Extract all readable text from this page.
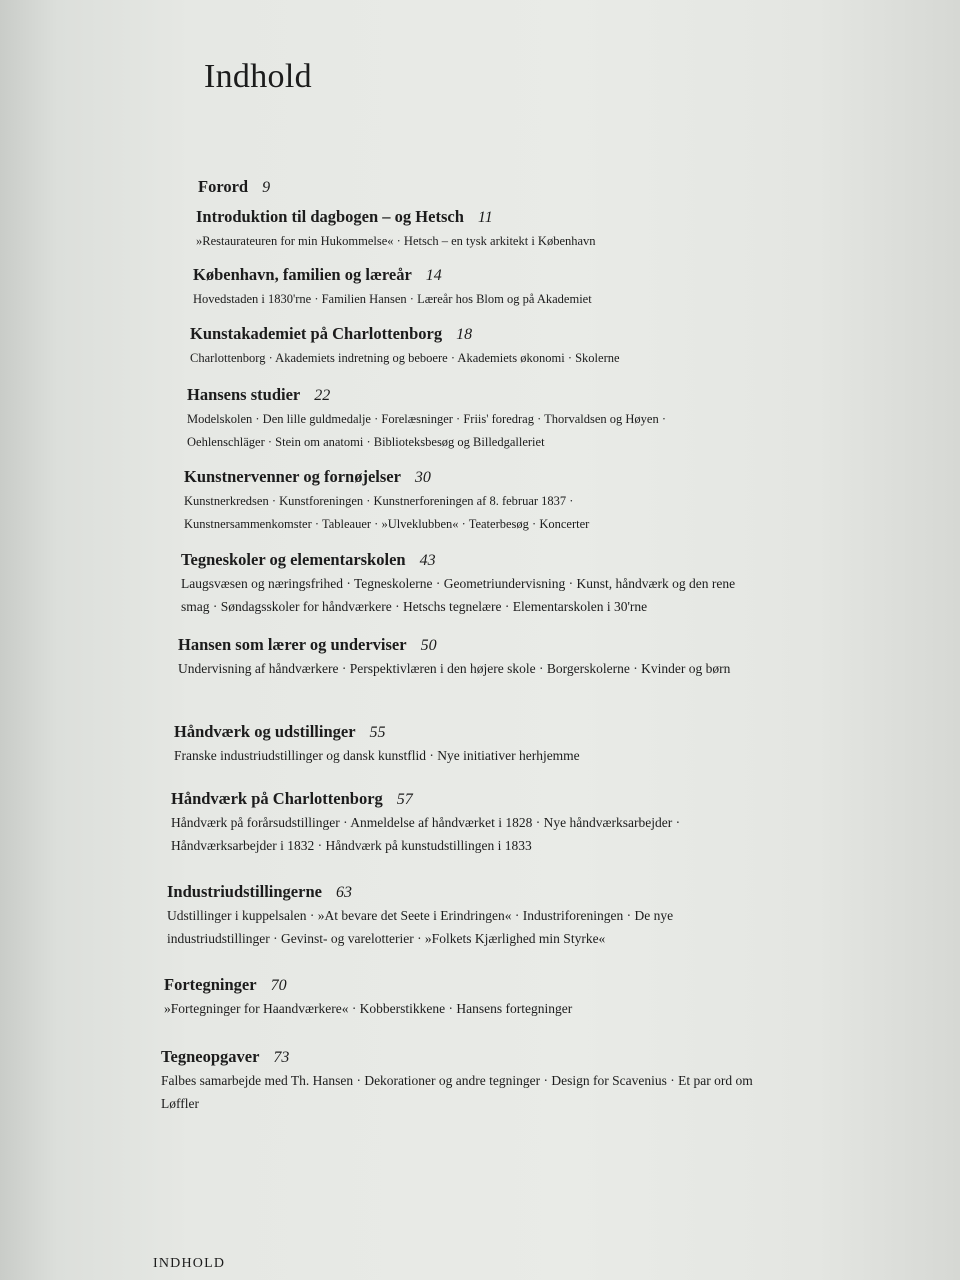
Indhold
Forord 9
Introduktion til dagbogen – og Hetsch 11
»Restaurateuren for min Hukommelse« · Hetsch – en tysk arkitekt i København
København, familien og læreår 14
Hovedstaden i 1830'rne · Familien Hansen · Læreår hos Blom og på Akademiet
Kunstakademiet på Charlottenborg 18
Charlottenborg · Akademiets indretning og beboere · Akademiets økonomi · Skolerne
Hansens studier 22
Modelskolen · Den lille guldmedalje · Forelæsninger · Friis' foredrag · Thorvaldsen og Høyen · Oehlenschläger · Stein om anatomi · Biblioteksbesøg og Billedgalleriet
Kunstnervenner og fornøjelser 30
Kunstnerkredsen · Kunstforeningen · Kunstnerforeningen af 8. februar 1837 · Kunstnersammenkomster · Tableauer · »Ulveklubben« · Teaterbesøg · Koncerter
Tegneskoler og elementarskolen 43
Laugsvæsen og næringsfrihed · Tegneskolerne · Geometriundervisning · Kunst, håndværk og den rene smag · Søndagsskoler for håndværkere · Hetschs tegnelære · Elementarskolen i 30'rne
Hansen som lærer og underviser 50
Undervisning af håndværkere · Perspektivlæren i den højere skole · Borgerskolerne · Kvinder og børn
Håndværk og udstillinger 55
Franske industriudstillinger og dansk kunstflid · Nye initiativer herhjemme
Håndværk på Charlottenborg 57
Håndværk på forårsudstillinger · Anmeldelse af håndværket i 1828 · Nye håndværksarbejder · Håndværksarbejder i 1832 · Håndværk på kunstudstillingen i 1833
Industriudstillingerne 63
Udstillinger i kuppelsalen · »At bevare det Seete i Erindringen« · Industriforeningen · De nye industriudstillinger · Gevinst- og varelotterier · »Folkets Kjærlighed min Styrke«
Fortegninger 70
»Fortegninger for Haandværkere« · Kobberstikkene · Hansens fortegninger
Tegneopgaver 73
Falbes samarbejde med Th. Hansen · Dekorationer og andre tegninger · Design for Scavenius · Et par ord om Løffler
INDHOLD
